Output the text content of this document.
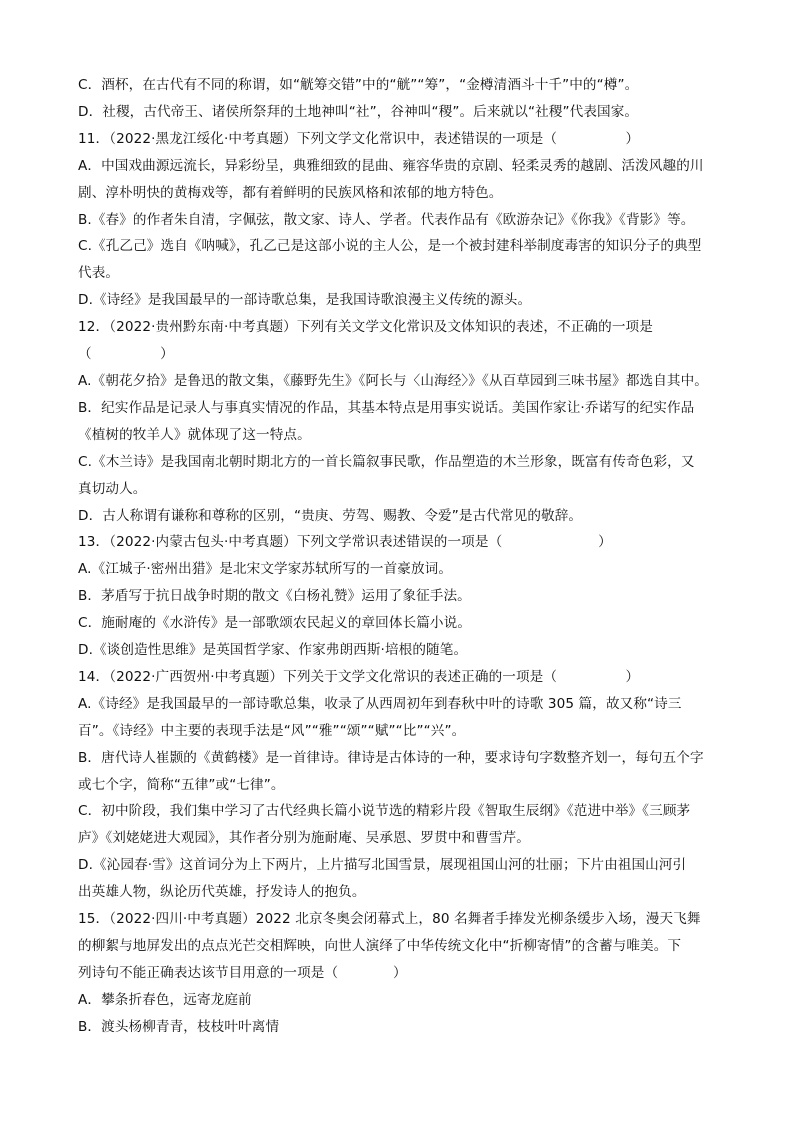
C．酒杯，在古代有不同的称谓，如“觥筹交错”中的“觥”“筹”，“金樽清酒斗十千”中的“樽”。
D．社稷，古代帝王、诸侯所祭拜的土地神叫“社”，谷神叫“稷”。后来就以“社稷”代表国家。
11．（2022·黑龙江绥化·中考真题）下列文学文化常识中，表述错误的一项是（　　　　　）
A．中国戏曲源远流长，异彩纷呈，典雅细致的昆曲、雍容华贵的京剧、轻柔灵秀的越剧、活泼风趣的川
剧、淳朴明快的黄梅戏等，都有着鲜明的民族风格和浓郁的地方特色。
B.《春》的作者朱自清，字佩弦，散文家、诗人、学者。代表作品有《欧游杂记》《你我》《背影》等。
C.《孔乙己》选自《呐喊》，孔乙己是这部小说的主人公，是一个被封建科举制度毒害的知识分子的典型
代表。
D.《诗经》是我国最早的一部诗歌总集，是我国诗歌浪漫主义传统的源头。
12．（2022·贵州黔东南·中考真题）下列有关文学文化常识及文体知识的表述，不正确的一项是
（　　　　　）
A.《朝花夕拾》是鲁迅的散文集，《藤野先生》《阿长与〈山海经〉》《从百草园到三味书屋》都选自其中。
B．纪实作品是记录人与事真实情况的作品，其基本特点是用事实说话。美国作家让·乔诺写的纪实作品
《植树的牧羊人》就体现了这一特点。
C.《木兰诗》是我国南北朝时期北方的一首长篇叙事民歌，作品塑造的木兰形象，既富有传奇色彩，又
真切动人。
D．古人称谓有谦称和尊称的区别，“贵庚、劳驾、赐教、令爱”是古代常见的敬辞。
13．（2022·内蒙古包头·中考真题）下列文学常识表述错误的一项是（　　　　　　　）
A.《江城子·密州出猎》是北宋文学家苏轼所写的一首豪放词。
B．茅盾写于抗日战争时期的散文《白杨礼赞》运用了象征手法。
C．施耐庵的《水浒传》是一部歌颂农民起义的章回体长篇小说。
D.《谈创造性思维》是英国哲学家、作家弗朗西斯·培根的随笔。
14．（2022·广西贺州·中考真题）下列关于文学文化常识的表述正确的一项是（　　　　　）
A.《诗经》是我国最早的一部诗歌总集，收录了从西周初年到春秋中叶的诗歌 305 篇，故又称“诗三
百”。《诗经》中主要的表现手法是“风”“雅”“颂”“赋”“比”“兴”。
B．唐代诗人崔颢的《黄鹤楼》是一首律诗。律诗是古体诗的一种，要求诗句字数整齐划一，每句五个字
或七个字，简称“五律”或“七律”。
C．初中阶段，我们集中学习了古代经典长篇小说节选的精彩片段《智取生辰纲》《范进中举》《三顾茅
庐》《刘姥姥进大观园》，其作者分别为施耐庵、吴承恩、罗贯中和曹雪芹。
D.《沁园春·雪》这首词分为上下两片，上片描写北国雪景，展现祖国山河的壮丽；下片由祖国山河引
出英雄人物，纵论历代英雄，抒发诗人的抱负。
15．（2022·四川·中考真题）2022 北京冬奥会闭幕式上，80 名舞者手捧发光柳条缓步入场，漫天飞舞
的柳絮与地屏发出的点点光芒交相辉映，向世人演绎了中华传统文化中“折柳寄情”的含蓄与唯美。下
列诗句不能正确表达该节目用意的一项是（　　　　）
A．攀条折春色，远寄龙庭前
B．渡头杨柳青青，枝枝叶叶离情
